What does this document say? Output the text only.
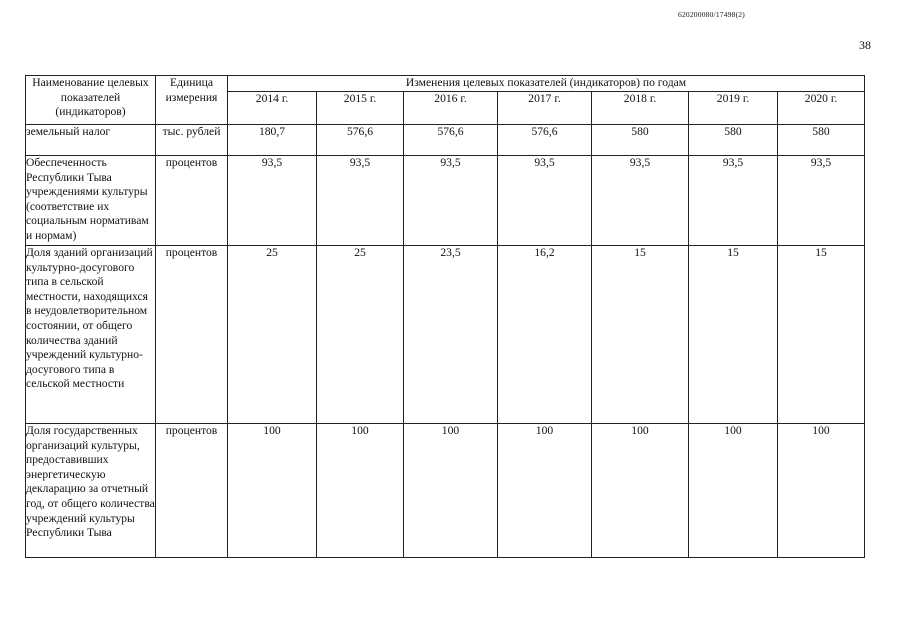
620200080/17498(2)
38
Наименование целевых показателей (индикаторов)	Единица измерения	Изменения целевых показателей (индикаторов) по годам						
		2014 г.	2015 г.	2016 г.	2017 г.	2018 г.	2019 г.	2020 г.
земельный налог	тыс. рублей	180,7	576,6	576,6	576,6	580	580	580
Обеспеченность Республики Тыва учреждениями культуры (соответствие их социальным нормативам и нормам)	процентов	93,5	93,5	93,5	93,5	93,5	93,5	93,5
Доля зданий организаций культурно-досугового типа в сельской местности, находящихся в неудовлетворительном состоянии, от общего количества зданий учреждений культурно-досугового типа в сельской местности	процентов	25	25	23,5	16,2	15	15	15
Доля государственных организаций культуры, предоставивших энергетическую декларацию за отчетный год, от общего количества учреждений культуры Республики Тыва	процентов	100	100	100	100	100	100	100
